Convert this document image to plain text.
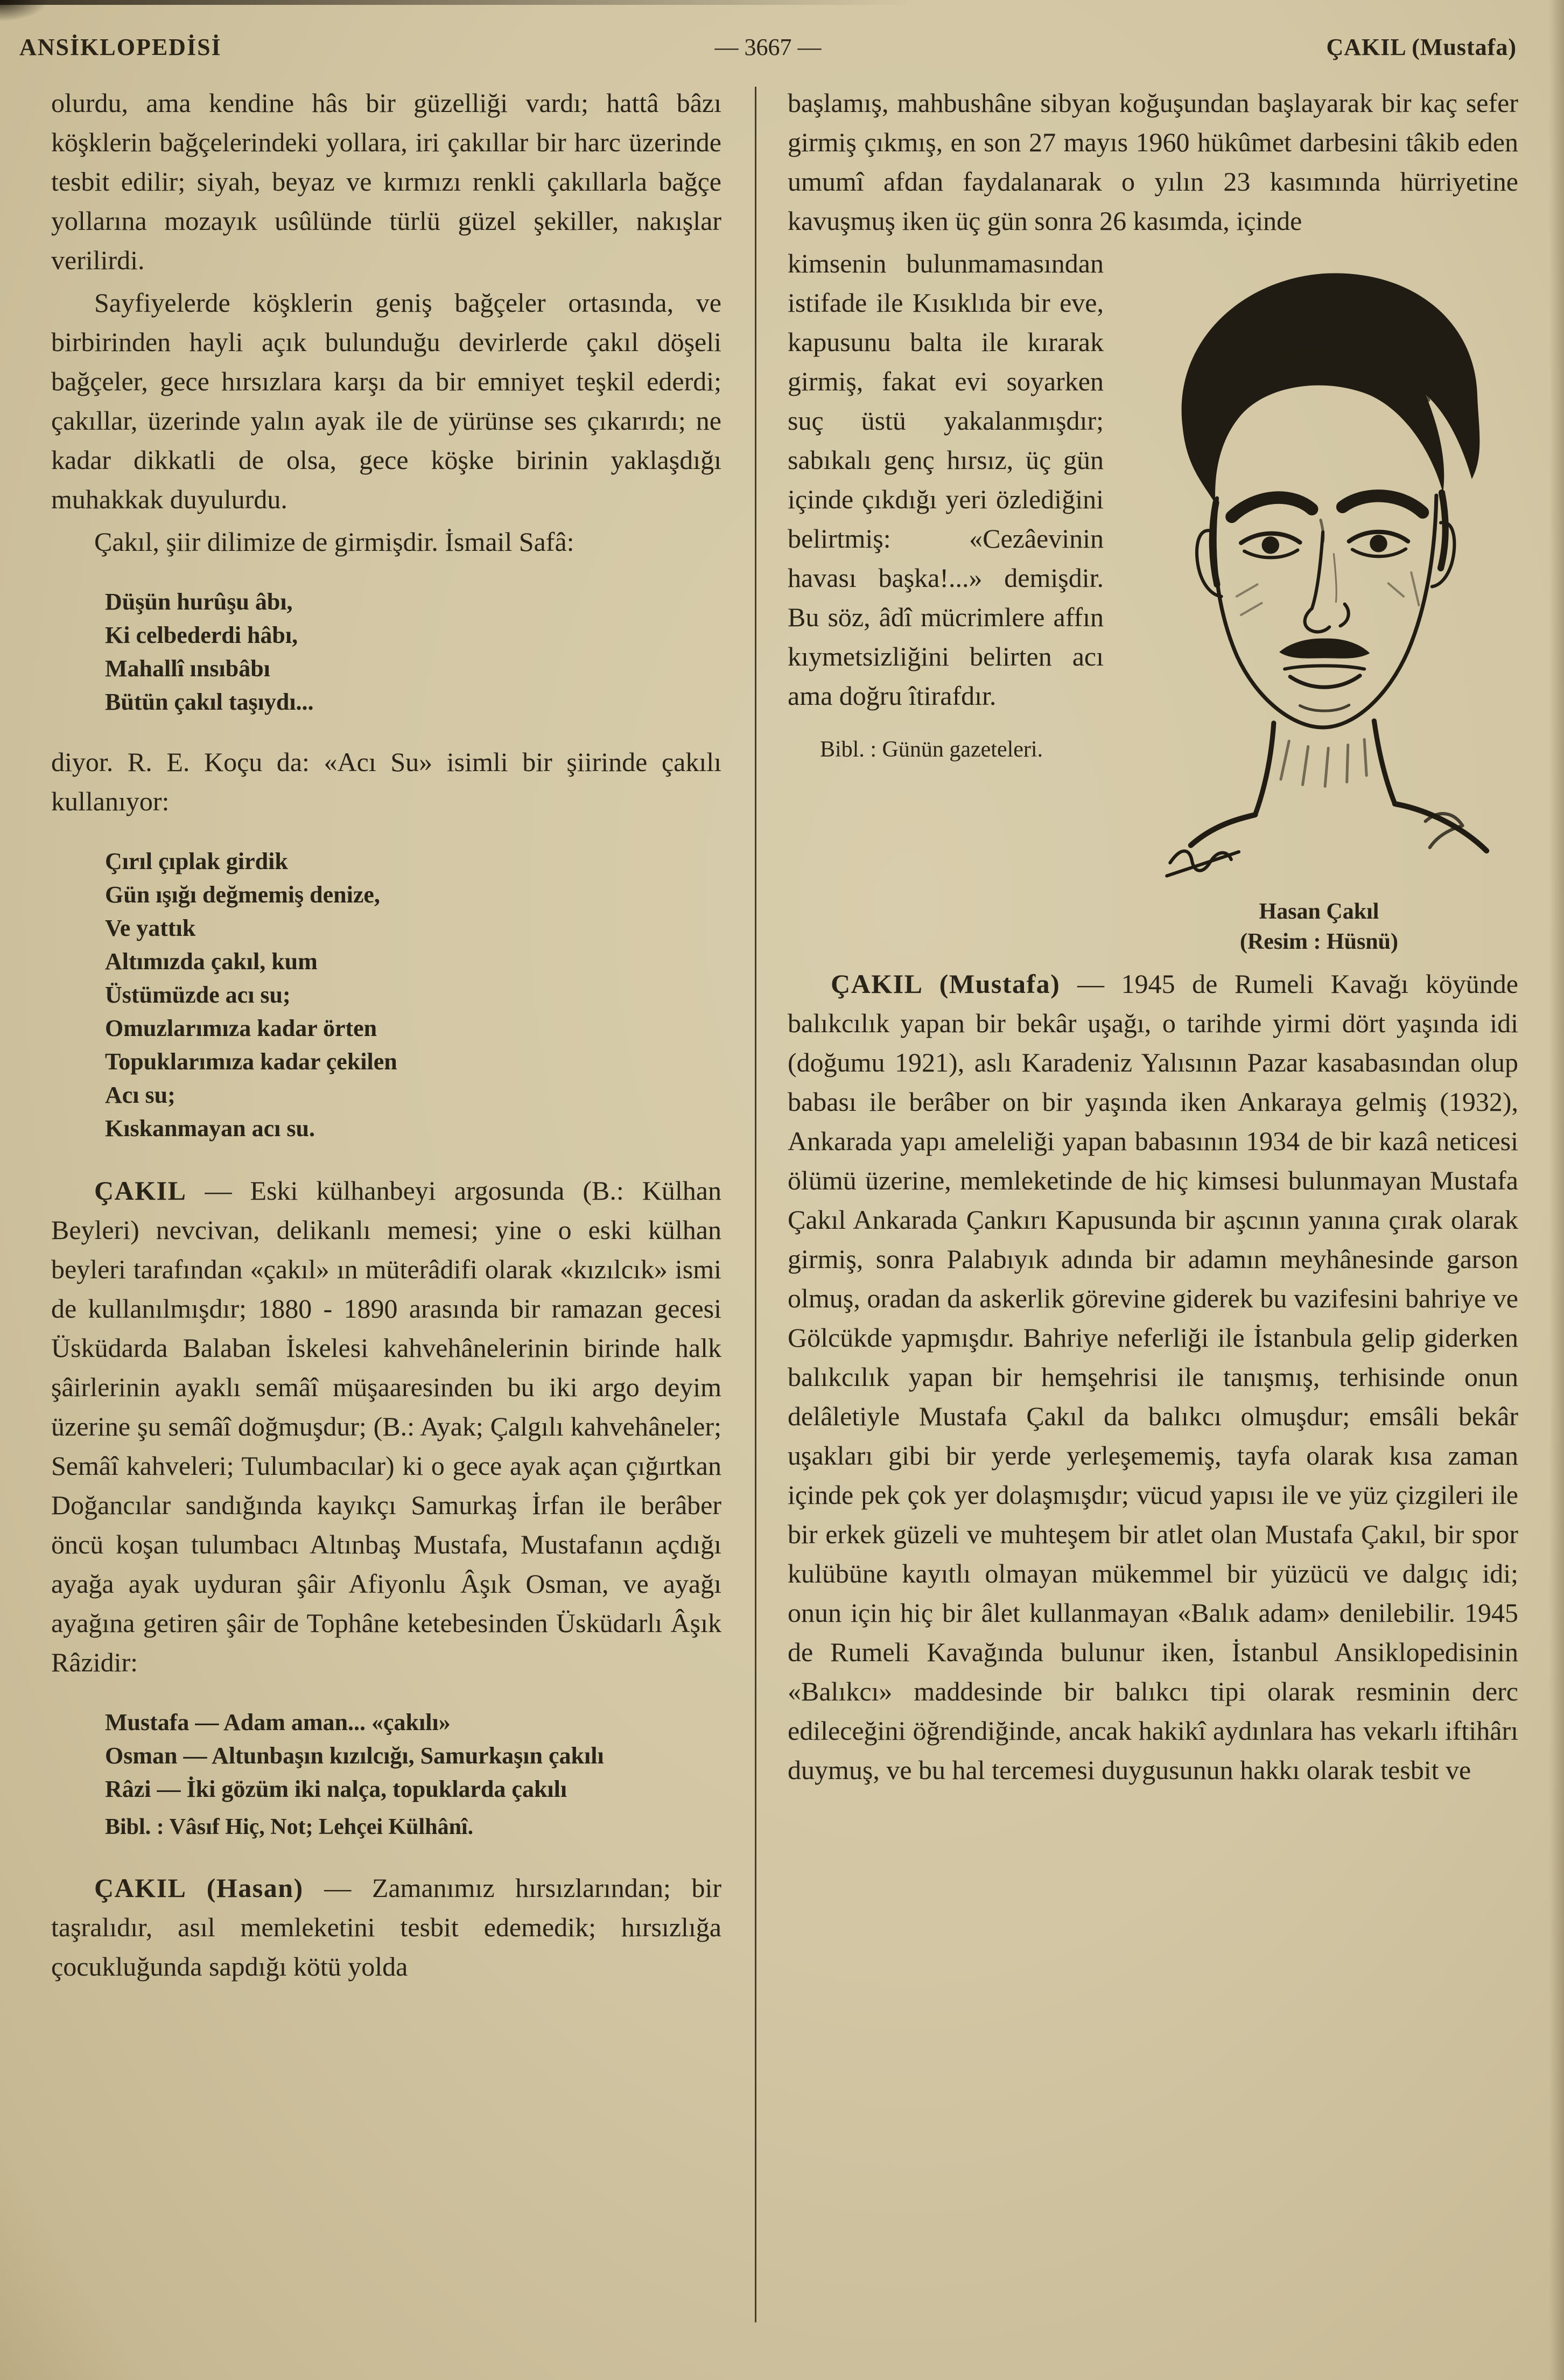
ANSİKLOPEDİSİ	— 3667 —	ÇAKIL (Mustafa)

olurdu, ama kendine hâs bir güzelliği vardı; hattâ bâzı köşklerin bağçelerindeki yollara, iri çakıllar bir harc üzerinde tesbit edilir; siyah, beyaz ve kırmızı renkli çakıllarla bağçe yollarına mozayık usûlünde türlü güzel şekiller, nakışlar verilirdi.

Sayfiyelerde köşklerin geniş bağçeler ortasında, ve birbirinden hayli açık bulunduğu devirlerde çakıl döşeli bağçeler, gece hırsızlara karşı da bir emniyet teşkil ederdi; çakıllar, üzerinde yalın ayak ile de yürünse ses çıkarırdı; ne kadar dikkatli de olsa, gece köşke birinin yaklaşdığı muhakkak duyulurdu.

Çakıl, şiir dilimize de girmişdir. İsmail Safâ:

Düşün hurûşu âbı,
Ki celbederdi hâbı,
Mahallî ınsıbâbı
Bütün çakıl taşıydı...

diyor. R. E. Koçu da: «Acı Su» isimli bir şiirinde çakılı kullanıyor:

Çırıl çıplak girdik
Gün ışığı değmemiş denize,
Ve yattık
Altımızda çakıl, kum
Üstümüzde acı su;
Omuzlarımıza kadar örten
Topuklarımıza kadar çekilen
Acı su;
Kıskanmayan acı su.

ÇAKIL — Eski külhanbeyi argosunda (B.: Külhan Beyleri) nevcivan, delikanlı memesi; yine o eski külhan beyleri tarafından «çakıl» ın müterâdifi olarak «kızılcık» ismi de kullanılmışdır; 1880 - 1890 arasında bir ramazan gecesi Üsküdarda Balaban İskelesi kahvehânelerinin birinde halk şâirlerinin ayaklı semâî müşaaresinden bu iki argo deyim üzerine şu semâî doğmuşdur; (B.: Ayak; Çalgılı kahvehâneler; Semâî kahveleri; Tulumbacılar) ki o gece ayak açan çığırtkan Doğancılar sandığında kayıkçı Samurkaş İrfan ile berâber öncü koşan tulumbacı Altınbaş Mustafa, Mustafanın açdığı ayağa ayak uyduran şâir Afiyonlu Âşık Osman, ve ayağı ayağına getiren şâir de Tophâne ketebesinden Üsküdarlı Âşık Râzidir:

Mustafa — Adam aman... «çakılı»
Osman — Altunbaşın kızılcığı, Samurkaşın çakılı
Râzi — İki gözüm iki nalça, topuklarda çakılı
Bibl. : Vâsıf Hiç, Not; Lehçei Külhânî.

ÇAKIL (Hasan) — Zamanımız hırsızlarından; bir taşralıdır, asıl memleketini tesbit edemedik; hırsızlığa çocukluğunda sapdığı kötü yolda

başlamış, mahbushâne sibyan koğuşundan başlayarak bir kaç sefer girmiş çıkmış, en son 27 mayıs 1960 hükûmet darbesini tâkib eden umumî afdan faydalanarak o yılın 23 kasımında hürriyetine kavuşmuş iken üç gün sonra 26 kasımda, içinde

Hasan Çakıl
(Resim : Hüsnü)

kimsenin bulunmamasından istifade ile Kısıklıda bir eve, kapusunu balta ile kırarak girmiş, fakat evi soyarken suç üstü yakalanmışdır; sabıkalı genç hırsız, üç gün içinde çıkdığı yeri özlediğini belirtmiş: «Cezâevinin havası başka!...» demişdir. Bu söz, âdî mücrimlere affın kıymetsizliğini belirten acı ama doğru îtirafdır.

Bibl. : Günün gazeteleri.

ÇAKIL (Mustafa) — 1945 de Rumeli Kavağı köyünde balıkcılık yapan bir bekâr uşağı, o tarihde yirmi dört yaşında idi (doğumu 1921), aslı Karadeniz Yalısının Pazar kasabasından olup babası ile berâber on bir yaşında iken Ankaraya gelmiş (1932), Ankarada yapı ameleliği yapan babasının 1934 de bir kazâ neticesi ölümü üzerine, memleketinde de hiç kimsesi bulunmayan Mustafa Çakıl Ankarada Çankırı Kapusunda bir aşcının yanına çırak olarak girmiş, sonra Palabıyık adında bir adamın meyhânesinde garson olmuş, oradan da askerlik görevine giderek bu vazifesini bahriye ve Gölcükde yapmışdır. Bahriye neferliği ile İstanbula gelip giderken balıkcılık yapan bir hemşehrisi ile tanışmış, terhisinde onun delâletiyle Mustafa Çakıl da balıkcı olmuşdur; emsâli bekâr uşakları gibi bir yerde yerleşememiş, tayfa olarak kısa zaman içinde pek çok yer dolaşmışdır; vücud yapısı ile ve yüz çizgileri ile bir erkek güzeli ve muhteşem bir atlet olan Mustafa Çakıl, bir spor kulübüne kayıtlı olmayan mükemmel bir yüzücü ve dalgıç idi; onun için hiç bir âlet kullanmayan «Balık adam» denilebilir. 1945 de Rumeli Kavağında bulunur iken, İstanbul Ansiklopedisinin «Balıkcı» maddesinde bir balıkcı tipi olarak resminin derc edileceğini öğrendiğinde, ancak hakikî aydınlara has vekarlı iftihârı duymuş, ve bu hal tercemesi duygusunun hakkı olarak tesbit ve
